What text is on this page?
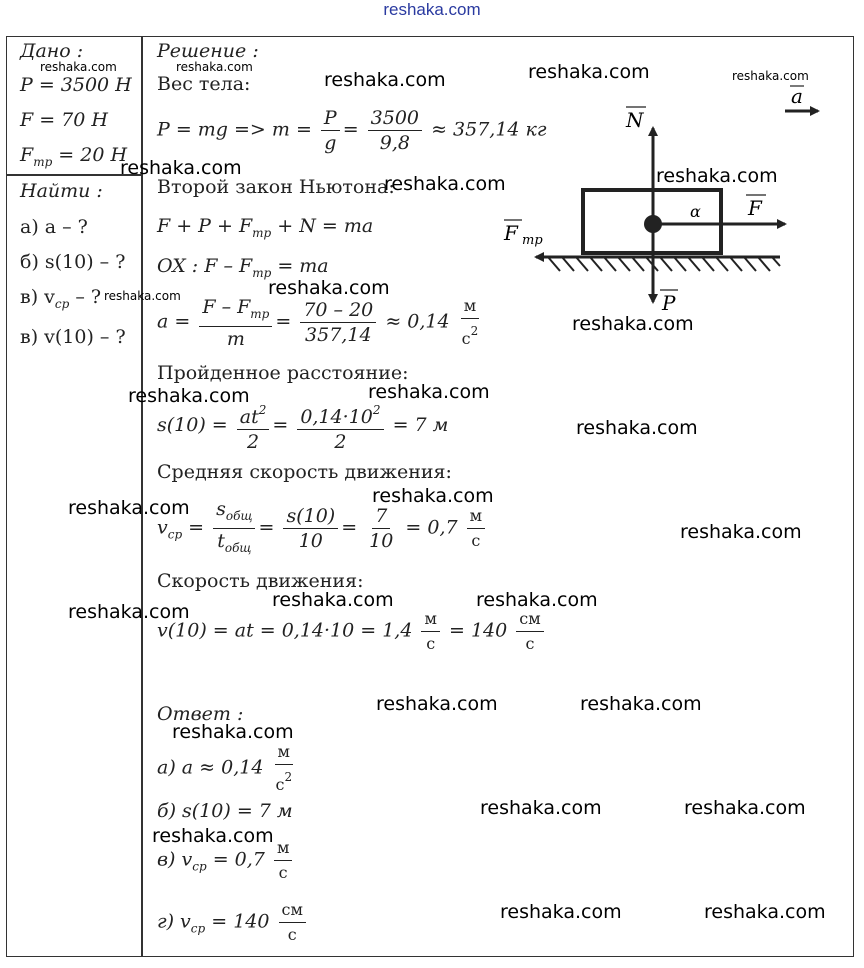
reshaka.com
Дано :
reshaka.com
P = 3500 Н
F = 70 Н
$F_{тр} = 20$ Н
Найти :
а) a – ?
б) s(10) – ?
в) $v_{ср}$ – ?
в) v(10) – ?
Решение :
reshaka.com
Вес тела:
P = mg => $m = \frac{P}{g} = \frac{3500}{9,8} \approx 357,14$ кг
Второй закон Ньютона:
$F + P + F_{тр} + N$ = ma
OX : F – $F_{тр}$ = ma
$a = \frac{F - F_{тр}}{m} = \frac{70 - 20}{357,14} \approx 0,14 \frac{м}{с^2}$
Пройденное расстояние:
$s(10) = \frac{at^2}{2} = \frac{0,14\cdot 10^2}{2} = 7$ м
Средняя скорость движения:
$v_{ср} = \frac{s_{общ}}{t_{общ}} = \frac{s(10)}{10} = \frac{7}{10} = 0,7 \frac{м}{с}$
Скорость движения:
v(10) = at = $0,14\cdot 10 = 1,4 \frac{м}{с} = 140 \frac{см}{с}$
Ответ :
а) $a \approx 0,14 \frac{м}{с^2}$
б) s(10) = 7 м
в) $v_{ср} = 0,7 \frac{м}{с}$
г) $v_{ср} = 140 \frac{см}{с}$
N
F
P
F тр
α
a
reshaka.com	reshaka.com	reshaka.com
reshaka.com	reshaka.com
reshaka.com
reshaka.com
reshaka.com
reshaka.com
reshaka.com
reshaka.com
reshaka.com
reshaka.com
reshaka.com
reshaka.com
reshaka.com	reshaka.com
reshaka.com
reshaka.com	reshaka.com
reshaka.com
reshaka.com	reshaka.com
reshaka.com
reshaka.com	reshaka.com
